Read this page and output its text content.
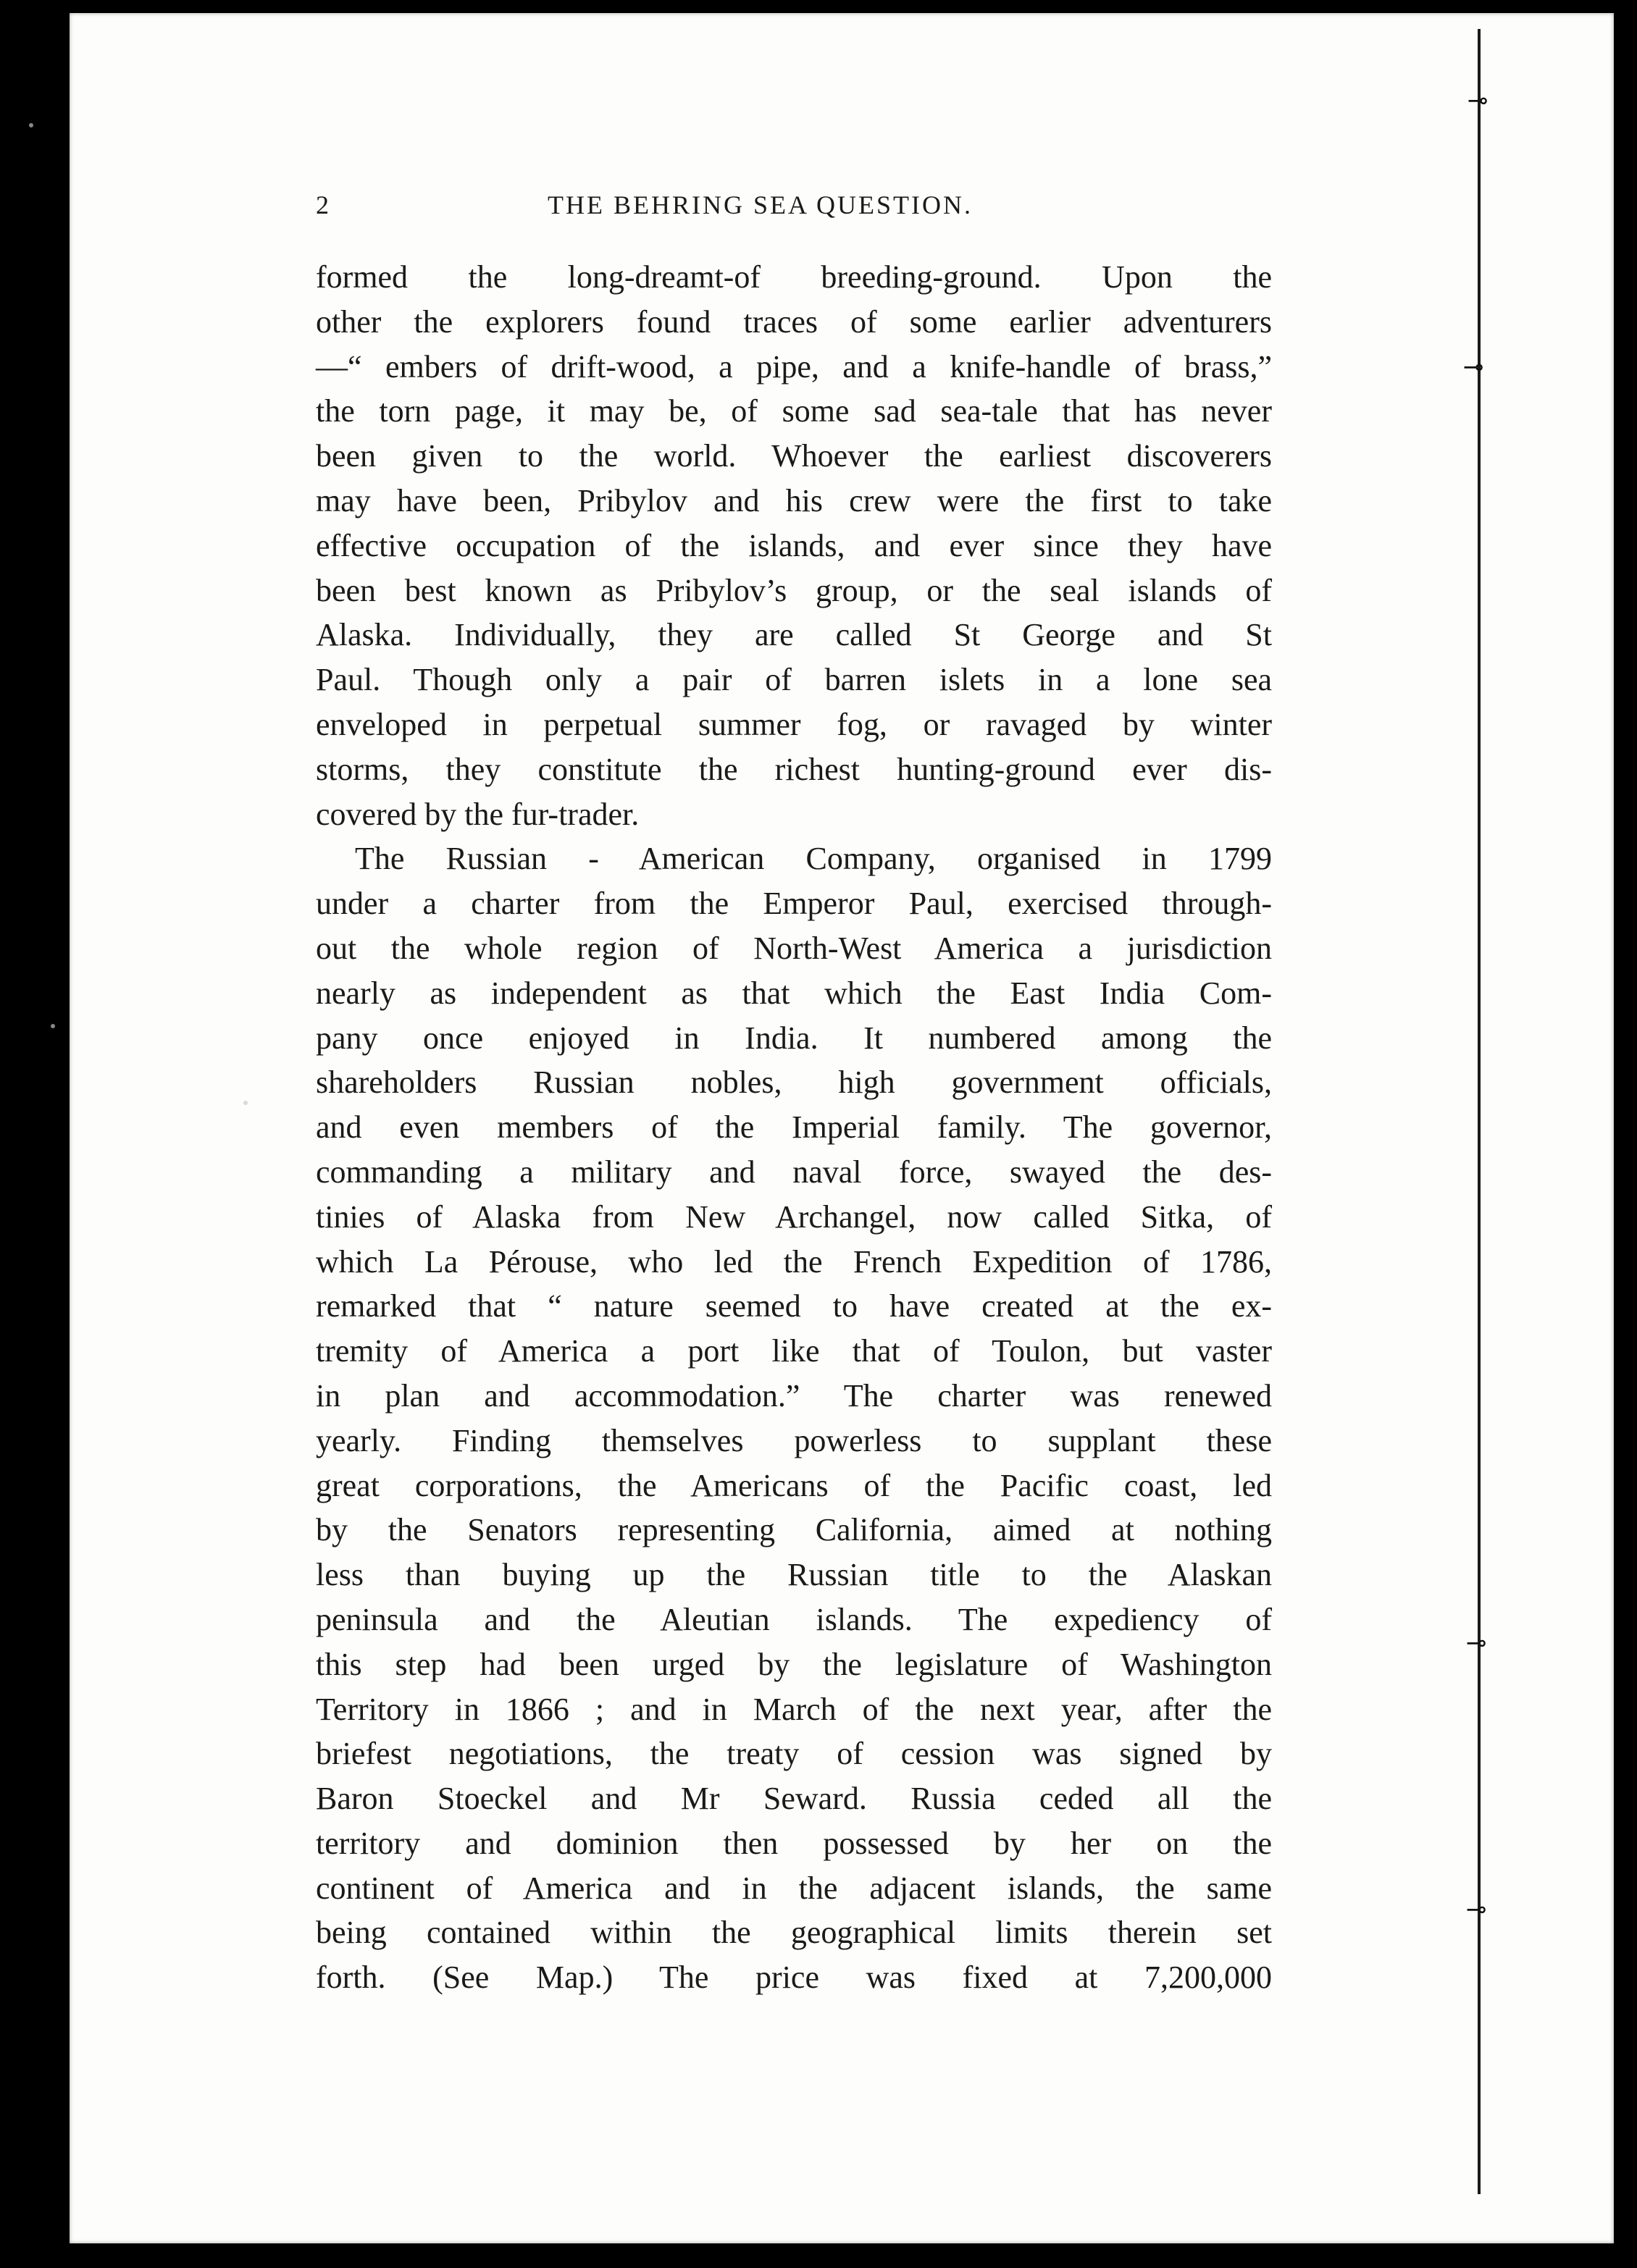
⊸
⊸
⊸
⊸
2	THE BEHRING SEA QUESTION.
formed the long-dreamt-of breeding-ground. Upon the
other the explorers found traces of some earlier adventurers
—“ embers of drift-wood, a pipe, and a knife-handle of brass,”
the torn page, it may be, of some sad sea-tale that has never
been given to the world. Whoever the earliest discoverers
may have been, Pribylov and his crew were the first to take
effective occupation of the islands, and ever since they have
been best known as Pribylov’s group, or the seal islands of
Alaska. Individually, they are called St George and St
Paul. Though only a pair of barren islets in a lone sea
enveloped in perpetual summer fog, or ravaged by winter
storms, they constitute the richest hunting-ground ever dis-
covered by the fur-trader.
The Russian - American Company, organised in 1799
under a charter from the Emperor Paul, exercised through-
out the whole region of North-West America a jurisdiction
nearly as independent as that which the East India Com-
pany once enjoyed in India. It numbered among the
shareholders Russian nobles, high government officials,
and even members of the Imperial family. The governor,
commanding a military and naval force, swayed the des-
tinies of Alaska from New Archangel, now called Sitka, of
which La Pérouse, who led the French Expedition of 1786,
remarked that “ nature seemed to have created at the ex-
tremity of America a port like that of Toulon, but vaster
in plan and accommodation.” The charter was renewed
yearly. Finding themselves powerless to supplant these
great corporations, the Americans of the Pacific coast, led
by the Senators representing California, aimed at nothing
less than buying up the Russian title to the Alaskan
peninsula and the Aleutian islands. The expediency of
this step had been urged by the legislature of Washington
Territory in 1866 ; and in March of the next year, after the
briefest negotiations, the treaty of cession was signed by
Baron Stoeckel and Mr Seward. Russia ceded all the
territory and dominion then possessed by her on the
continent of America and in the adjacent islands, the same
being contained within the geographical limits therein set
forth. (See Map.) The price was fixed at 7,200,000
